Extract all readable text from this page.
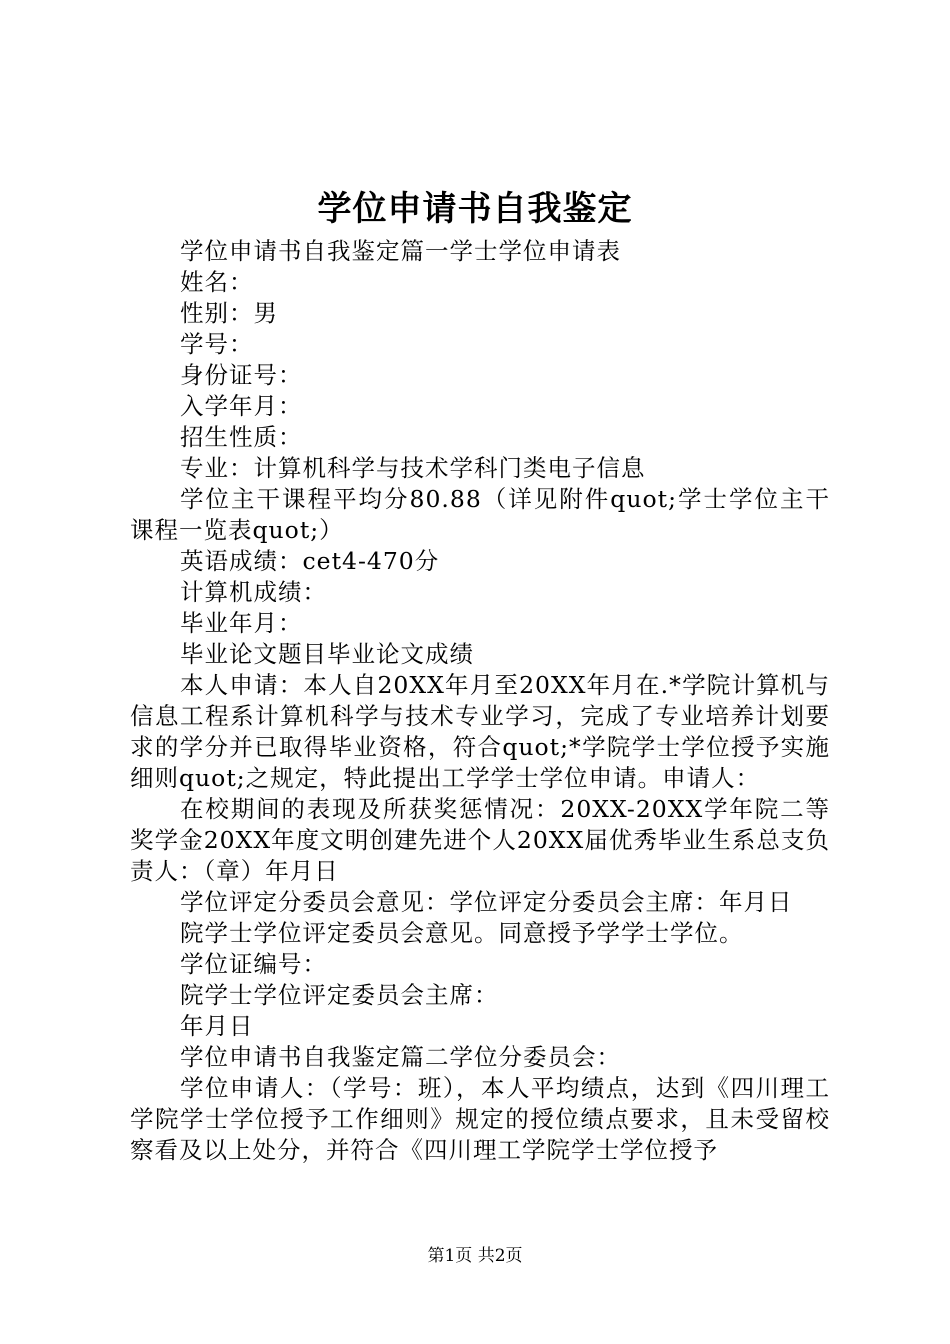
学位申请书自我鉴定

学位申请书自我鉴定篇一学士学位申请表

姓名：

性别：男

学号：

身份证号：

入学年月：

招生性质：

专业：计算机科学与技术学科门类电子信息

学位主干课程平均分80.88（详见附件quot;学士学位主干课程一览表quot;）

英语成绩：cet4-470分

计算机成绩：

毕业年月：

毕业论文题目毕业论文成绩

本人申请：本人自20XX年月至20XX年月在.*学院计算机与信息工程系计算机科学与技术专业学习，完成了专业培养计划要求的学分并已取得毕业资格，符合quot;*学院学士学位授予实施细则quot;之规定，特此提出工学学士学位申请。申请人：

在校期间的表现及所获奖惩情况：20XX-20XX学年院二等奖学金20XX年度文明创建先进个人20XX届优秀毕业生系总支负责人：（章）年月日

学位评定分委员会意见：学位评定分委员会主席：年月日

院学士学位评定委员会意见。同意授予学学士学位。

学位证编号：

院学士学位评定委员会主席：

年月日

学位申请书自我鉴定篇二学位分委员会：

学位申请人：（学号：班），本人平均绩点，达到《四川理工学院学士学位授予工作细则》规定的授位绩点要求，且未受留校察看及以上处分，并符合《四川理工学院学士学位授予

第1页 共2页
